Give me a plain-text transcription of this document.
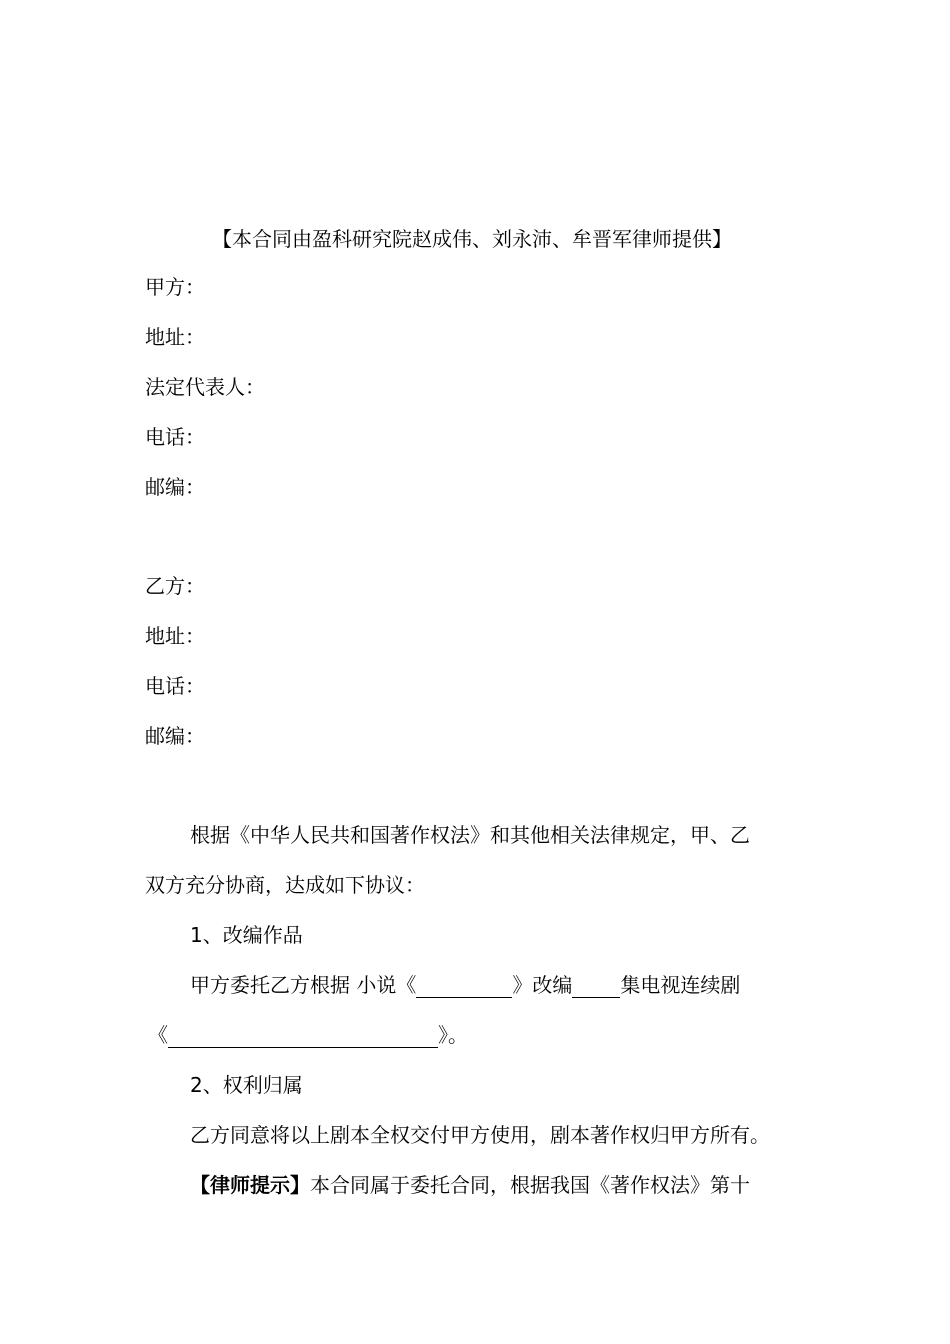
【本合同由盈科研究院赵成伟、刘永沛、牟晋军律师提供】
甲方：
地址：
法定代表人：
电话：
邮编：
乙方：
地址：
电话：
邮编：
根据《中华人民共和国著作权法》和其他相关法律规定，甲、乙
双方充分协商，达成如下协议：
1、改编作品
甲方委托乙方根据 小说《	》改编 集电视连续剧
《	》。
2、权利归属
乙方同意将以上剧本全权交付甲方使用，剧本著作权归甲方所有。
【律师提示】本合同属于委托合同，根据我国《著作权法》第十
